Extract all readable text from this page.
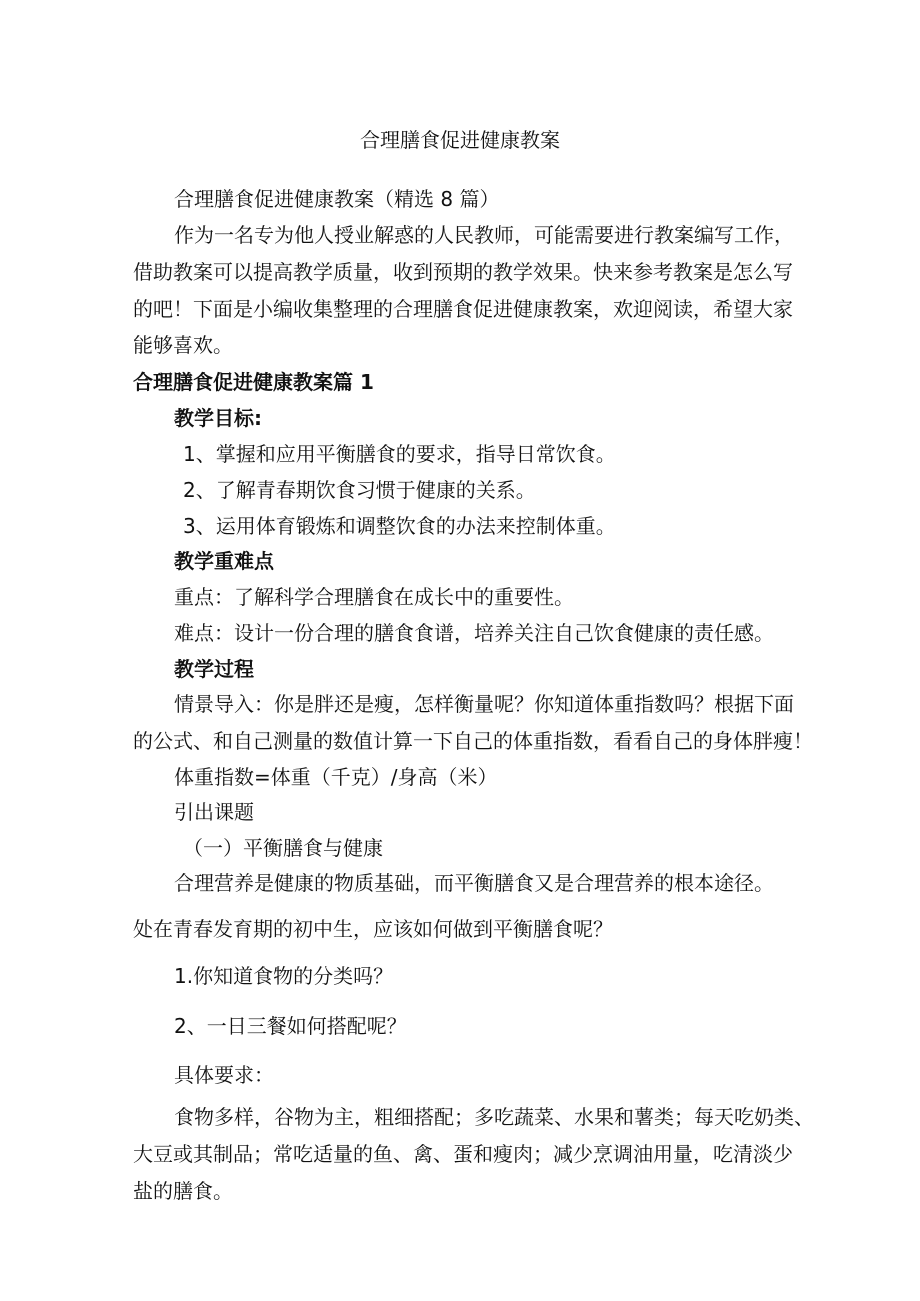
合理膳食促进健康教案
合理膳食促进健康教案（精选 8 篇）
作为一名专为他人授业解惑的人民教师，可能需要进行教案编写工作，
借助教案可以提高教学质量，收到预期的教学效果。快来参考教案是怎么写
的吧！下面是小编收集整理的合理膳食促进健康教案，欢迎阅读，希望大家
能够喜欢。
合理膳食促进健康教案篇 1
教学目标:
1、掌握和应用平衡膳食的要求，指导日常饮食。
2、了解青春期饮食习惯于健康的关系。
3、运用体育锻炼和调整饮食的办法来控制体重。
教学重难点
重点：了解科学合理膳食在成长中的重要性。
难点：设计一份合理的膳食食谱，培养关注自己饮食健康的责任感。
教学过程
情景导入：你是胖还是瘦，怎样衡量呢？你知道体重指数吗？根据下面
的公式、和自己测量的数值计算一下自己的体重指数，看看自己的身体胖瘦！
体重指数=体重（千克）/身高（米）
引出课题
（一）平衡膳食与健康
合理营养是健康的物质基础，而平衡膳食又是合理营养的根本途径。
处在青春发育期的初中生，应该如何做到平衡膳食呢？
1.你知道食物的分类吗？
2、一日三餐如何搭配呢？
具体要求：
食物多样，谷物为主，粗细搭配；多吃蔬菜、水果和薯类；每天吃奶类、
大豆或其制品；常吃适量的鱼、禽、蛋和瘦肉；减少烹调油用量，吃清淡少
盐的膳食。
